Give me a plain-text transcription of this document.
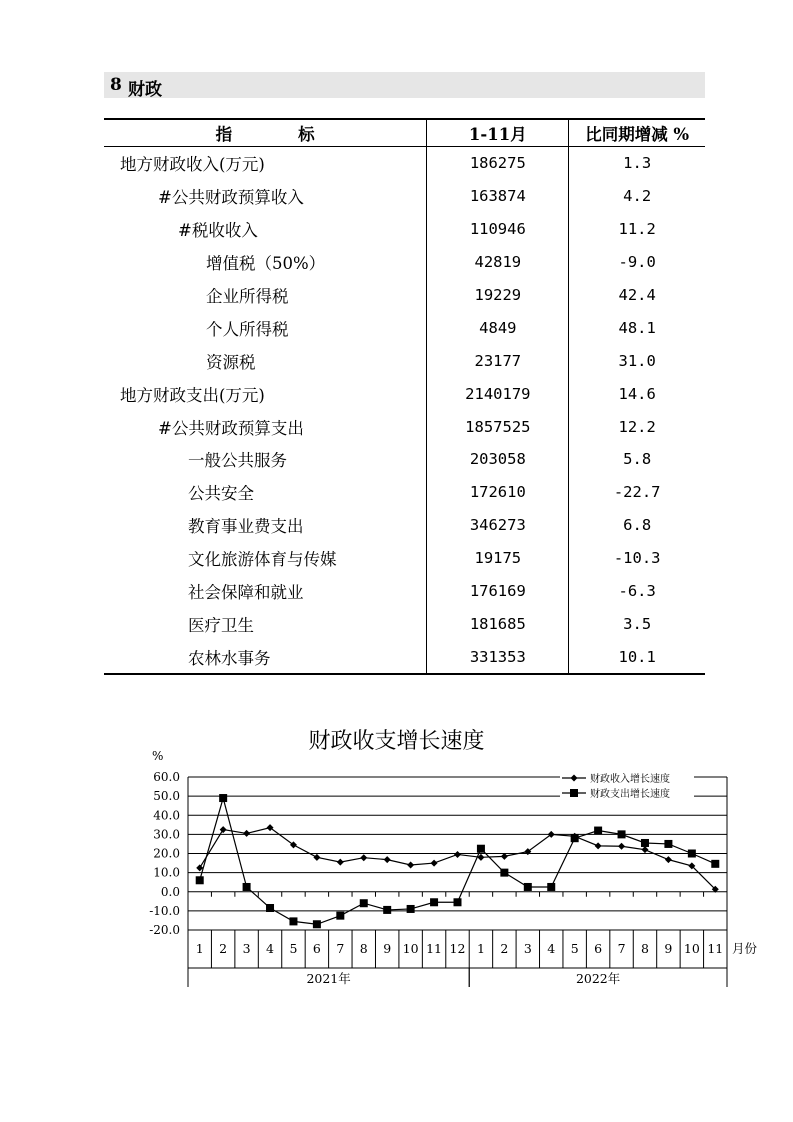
8 财政
指　　　　标	1-11月	比同期增减 %
地方财政收入(万元)	186275	1.3
#公共财政预算收入	163874	4.2
#税收收入	110946	11.2
增值税（50%）	42819	-9.0
企业所得税	19229	42.4
个人所得税	4849	48.1
资源税	23177	31.0
地方财政支出(万元)	2140179	14.6
#公共财政预算支出	1857525	12.2
一般公共服务	203058	5.8
公共安全	172610	-22.7
教育事业费支出	346273	6.8
文化旅游体育与传媒	19175	-10.3
社会保障和就业	176169	-6.3
医疗卫生	181685	3.5
农林水事务	331353	10.1
财政收支增长速度
%
60.0
50.0
40.0
30.0
20.0
10.0
0.0
-10.0
-20.0
1 2 3 4 5 6 7 8 9 10 11 12 1 2 3 4 5 6 7 8 9 10 11 月份
2021年	2022年
财政收入增长速度
财政支出增长速度
